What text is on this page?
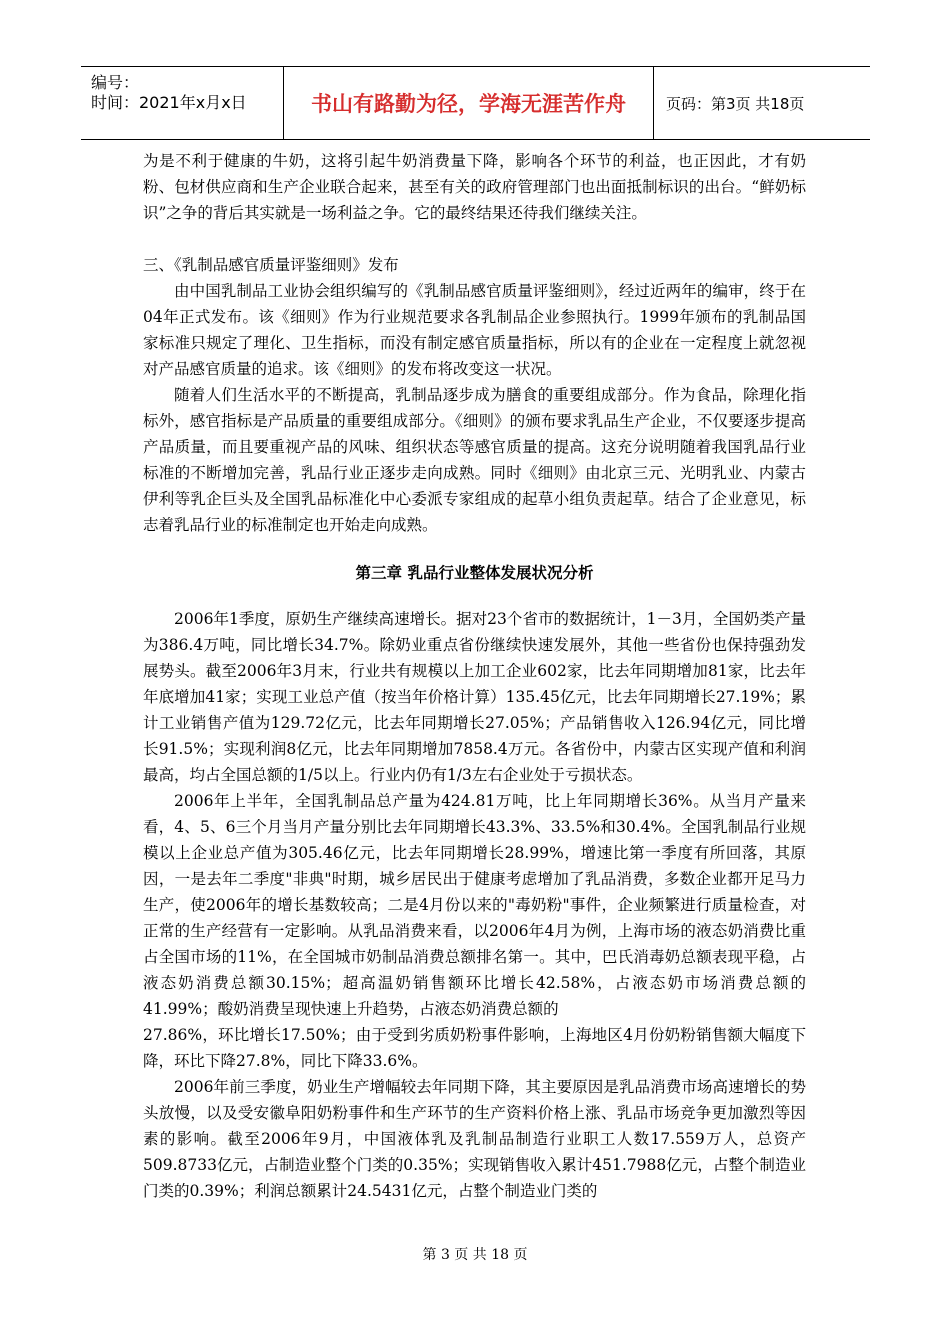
编号：
时间：2021年x月x日	书山有路勤为径，学海无涯苦作舟	页码：第3页 共18页

为是不利于健康的牛奶，这将引起牛奶消费量下降，影响各个环节的利益，也正因此，才有奶粉、包材供应商和生产企业联合起来，甚至有关的政府管理部门也出面抵制标识的出台。“鲜奶标识”之争的背后其实就是一场利益之争。它的最终结果还待我们继续关注。

三、《乳制品感官质量评鉴细则》发布

由中国乳制品工业协会组织编写的《乳制品感官质量评鉴细则》，经过近两年的编审，终于在04年正式发布。该《细则》作为行业规范要求各乳制品企业参照执行。1999年颁布的乳制品国家标准只规定了理化、卫生指标，而没有制定感官质量指标，所以有的企业在一定程度上就忽视对产品感官质量的追求。该《细则》的发布将改变这一状况。

随着人们生活水平的不断提高，乳制品逐步成为膳食的重要组成部分。作为食品，除理化指标外，感官指标是产品质量的重要组成部分。《细则》的颁布要求乳品生产企业，不仅要逐步提高产品质量，而且要重视产品的风味、组织状态等感官质量的提高。这充分说明随着我国乳品行业标准的不断增加完善，乳品行业正逐步走向成熟。同时《细则》由北京三元、光明乳业、内蒙古伊利等乳企巨头及全国乳品标准化中心委派专家组成的起草小组负责起草。结合了企业意见，标志着乳品行业的标准制定也开始走向成熟。

第三章 乳品行业整体发展状况分析

2006年1季度，原奶生产继续高速增长。据对23个省市的数据统计，1－3月，全国奶类产量为386.4万吨，同比增长34.7%。除奶业重点省份继续快速发展外，其他一些省份也保持强劲发展势头。截至2006年3月末，行业共有规模以上加工企业602家，比去年同期增加81家，比去年年底增加41家；实现工业总产值（按当年价格计算）135.45亿元，比去年同期增长27.19%；累计工业销售产值为129.72亿元，比去年同期增长27.05%；产品销售收入126.94亿元，同比增长91.5%；实现利润8亿元，比去年同期增加7858.4万元。各省份中，内蒙古区实现产值和利润最高，均占全国总额的1/5以上。行业内仍有1/3左右企业处于亏损状态。

2006年上半年，全国乳制品总产量为424.81万吨，比上年同期增长36%。从当月产量来看，4、5、6三个月当月产量分别比去年同期增长43.3%、33.5%和30.4%。全国乳制品行业规模以上企业总产值为305.46亿元，比去年同期增长28.99%，增速比第一季度有所回落，其原因，一是去年二季度"非典"时期，城乡居民出于健康考虑增加了乳品消费，多数企业都开足马力生产，使2006年的增长基数较高；二是4月份以来的"毒奶粉"事件，企业频繁进行质量检查，对正常的生产经营有一定影响。从乳品消费来看，以2006年4月为例，上海市场的液态奶消费比重占全国市场的11%，在全国城市奶制品消费总额排名第一。其中，巴氏消毒奶总额表现平稳，占液态奶消费总额30.15%；超高温奶销售额环比增长42.58%，占液态奶市场消费总额的41.99%；酸奶消费呈现快速上升趋势，占液态奶消费总额的

27.86%，环比增长17.50%；由于受到劣质奶粉事件影响，上海地区4月份奶粉销售额大幅度下降，环比下降27.8%，同比下降33.6%。

2006年前三季度，奶业生产增幅较去年同期下降，其主要原因是乳品消费市场高速增长的势头放慢，以及受安徽阜阳奶粉事件和生产环节的生产资料价格上涨、乳品市场竞争更加激烈等因素的影响。截至2006年9月，中国液体乳及乳制品制造行业职工人数17.559万人，总资产509.8733亿元，占制造业整个门类的0.35%；实现销售收入累计451.7988亿元，占整个制造业门类的0.39%；利润总额累计24.5431亿元，占整个制造业门类的

第 3 页 共 18 页
